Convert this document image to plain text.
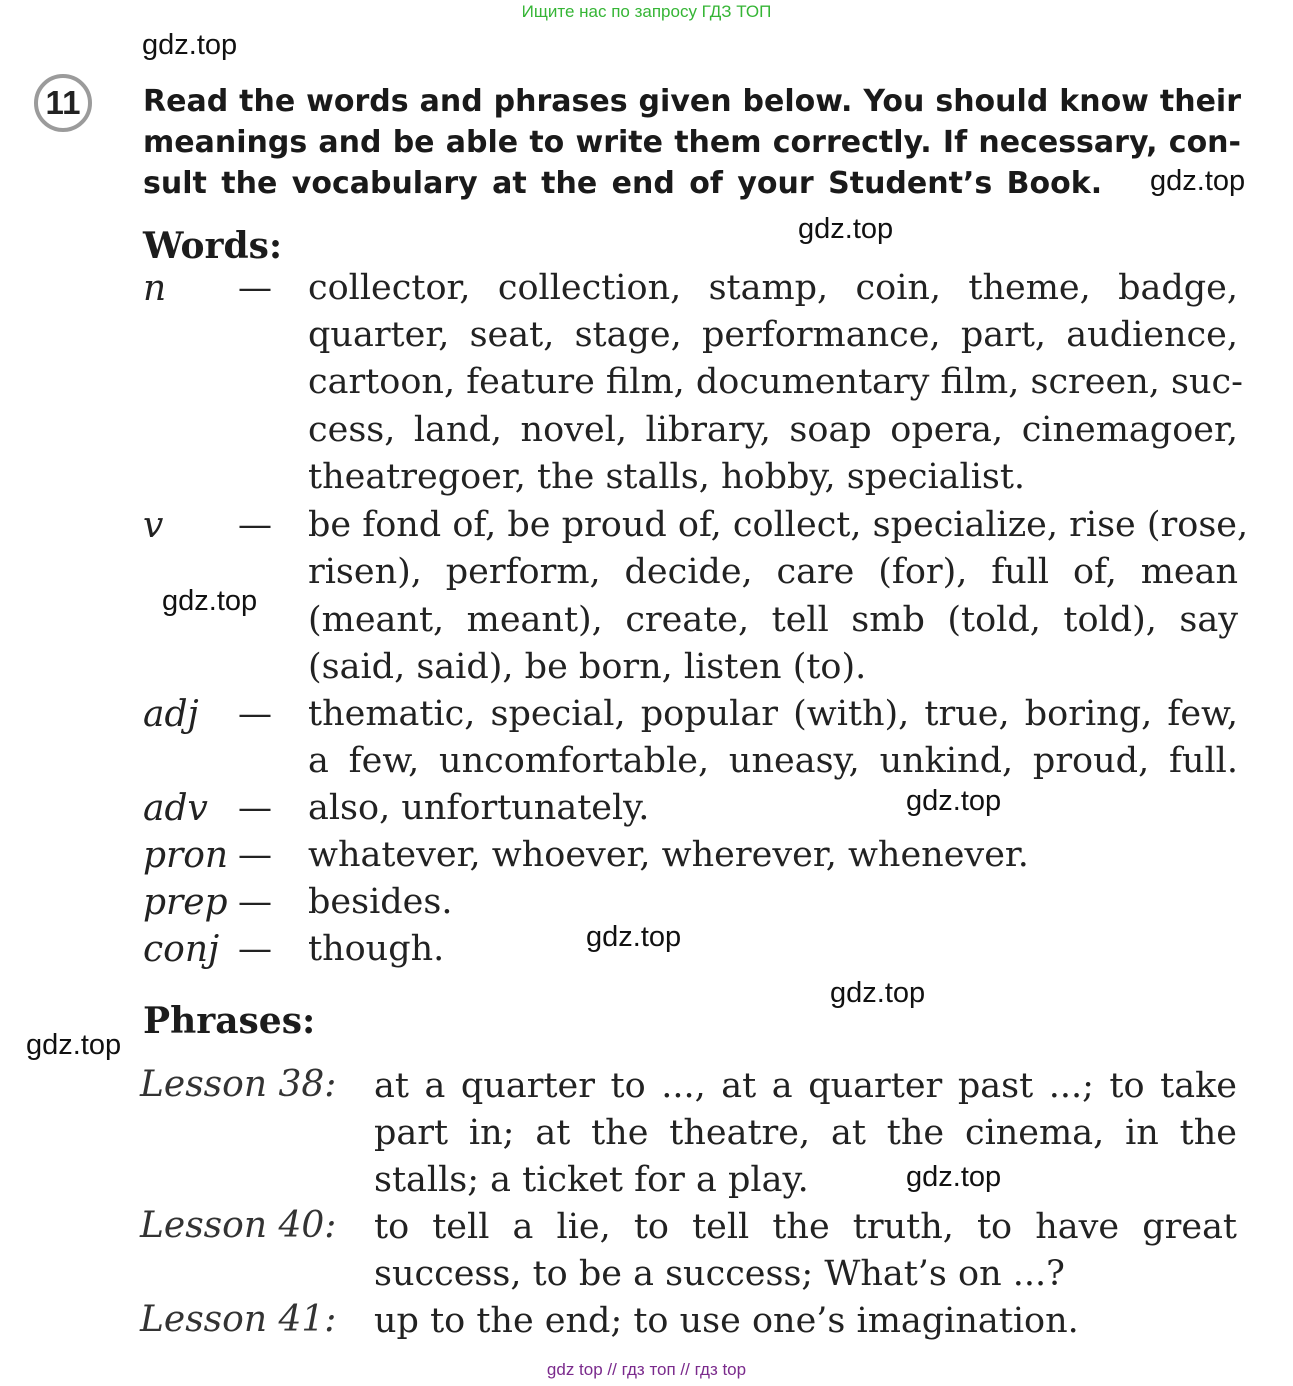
Ищите нас по запросу ГДЗ ТОП
gdz.top
gdz.top
gdz.top
gdz.top
gdz.top
gdz.top
gdz.top
gdz.top
gdz.top
11 Read the words and phrases given below. You should know their
meanings and be able to write them correctly. If necessary, con-
sult the vocabulary at the end of your Student’s Book.
Words:
n — collector, collection, stamp, coin, theme, badge,
quarter, seat, stage, performance, part, audience,
cartoon, feature film, documentary film, screen, suc-
cess, land, novel, library, soap opera, cinemagoer,
theatregoer, the stalls, hobby, specialist.
v — be fond of, be proud of, collect, specialize, rise (rose,
risen), perform, decide, care (for), full of, mean
(meant, meant), create, tell smb (told, told), say
(said, said), be born, listen (to).
adj — thematic, special, popular (with), true, boring, few,
a few, uncomfortable, uneasy, unkind, proud, full.
adv — also, unfortunately.
pron — whatever, whoever, wherever, whenever.
prep — besides.
conj — though.
Phrases:
Lesson 38: at a quarter to ..., at a quarter past ...; to take
part in; at the theatre, at the cinema, in the
stalls; a ticket for a play.
Lesson 40: to tell a lie, to tell the truth, to have great
success, to be a success; What’s on ...?
Lesson 41: up to the end; to use one’s imagination.
gdz top // гдз топ // гдз top
